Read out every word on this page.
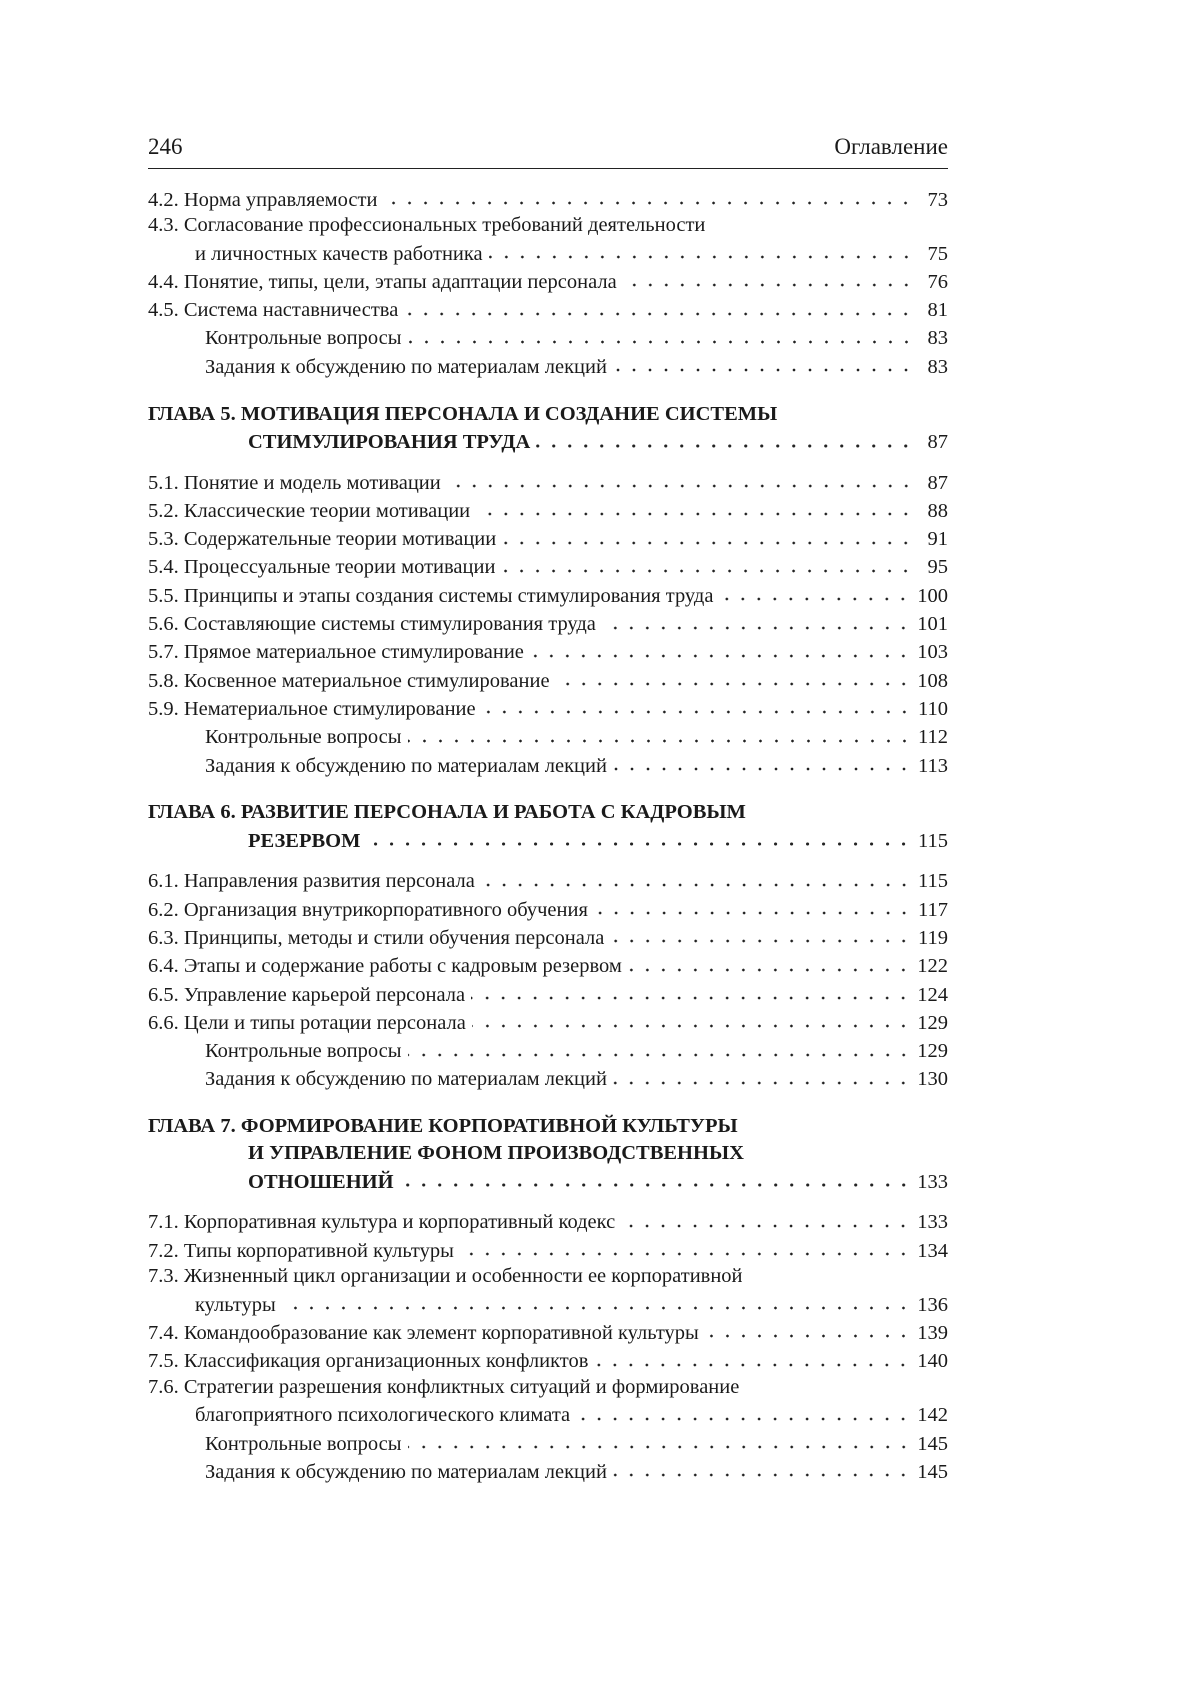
246	Оглавление
4.2. Норма управляемости	73
4.3. Согласование профессиональных требований деятельности
и личностных качеств работника	75
4.4. Понятие, типы, цели, этапы адаптации персонала	76
4.5. Система наставничества	81
Контрольные вопросы	83
Задания к обсуждению по материалам лекций	83
ГЛАВА 5. МОТИВАЦИЯ ПЕРСОНАЛА И СОЗДАНИЕ СИСТЕМЫ
СТИМУЛИРОВАНИЯ ТРУДА	87
5.1. Понятие и модель мотивации	87
5.2. Классические теории мотивации	88
5.3. Содержательные теории мотивации	91
5.4. Процессуальные теории мотивации	95
5.5. Принципы и этапы создания системы стимулирования труда	100
5.6. Составляющие системы стимулирования труда	101
5.7. Прямое материальное стимулирование	103
5.8. Косвенное материальное стимулирование	108
5.9. Нематериальное стимулирование	110
Контрольные вопросы	112
Задания к обсуждению по материалам лекций	113
ГЛАВА 6. РАЗВИТИЕ ПЕРСОНАЛА И РАБОТА С КАДРОВЫМ
РЕЗЕРВОМ	115
6.1. Направления развития персонала	115
6.2. Организация внутрикорпоративного обучения	117
6.3. Принципы, методы и стили обучения персонала	119
6.4. Этапы и содержание работы с кадровым резервом	122
6.5. Управление карьерой персонала	124
6.6. Цели и типы ротации персонала	129
Контрольные вопросы	129
Задания к обсуждению по материалам лекций	130
ГЛАВА 7. ФОРМИРОВАНИЕ КОРПОРАТИВНОЙ КУЛЬТУРЫ
И УПРАВЛЕНИЕ ФОНОМ ПРОИЗВОДСТВЕННЫХ
ОТНОШЕНИЙ	133
7.1. Корпоративная культура и корпоративный кодекс	133
7.2. Типы корпоративной культуры	134
7.3. Жизненный цикл организации и особенности ее корпоративной
культуры	136
7.4. Командообразование как элемент корпоративной культуры	139
7.5. Классификация организационных конфликтов	140
7.6. Стратегии разрешения конфликтных ситуаций и формирование
благоприятного психологического климата	142
Контрольные вопросы	145
Задания к обсуждению по материалам лекций	145
